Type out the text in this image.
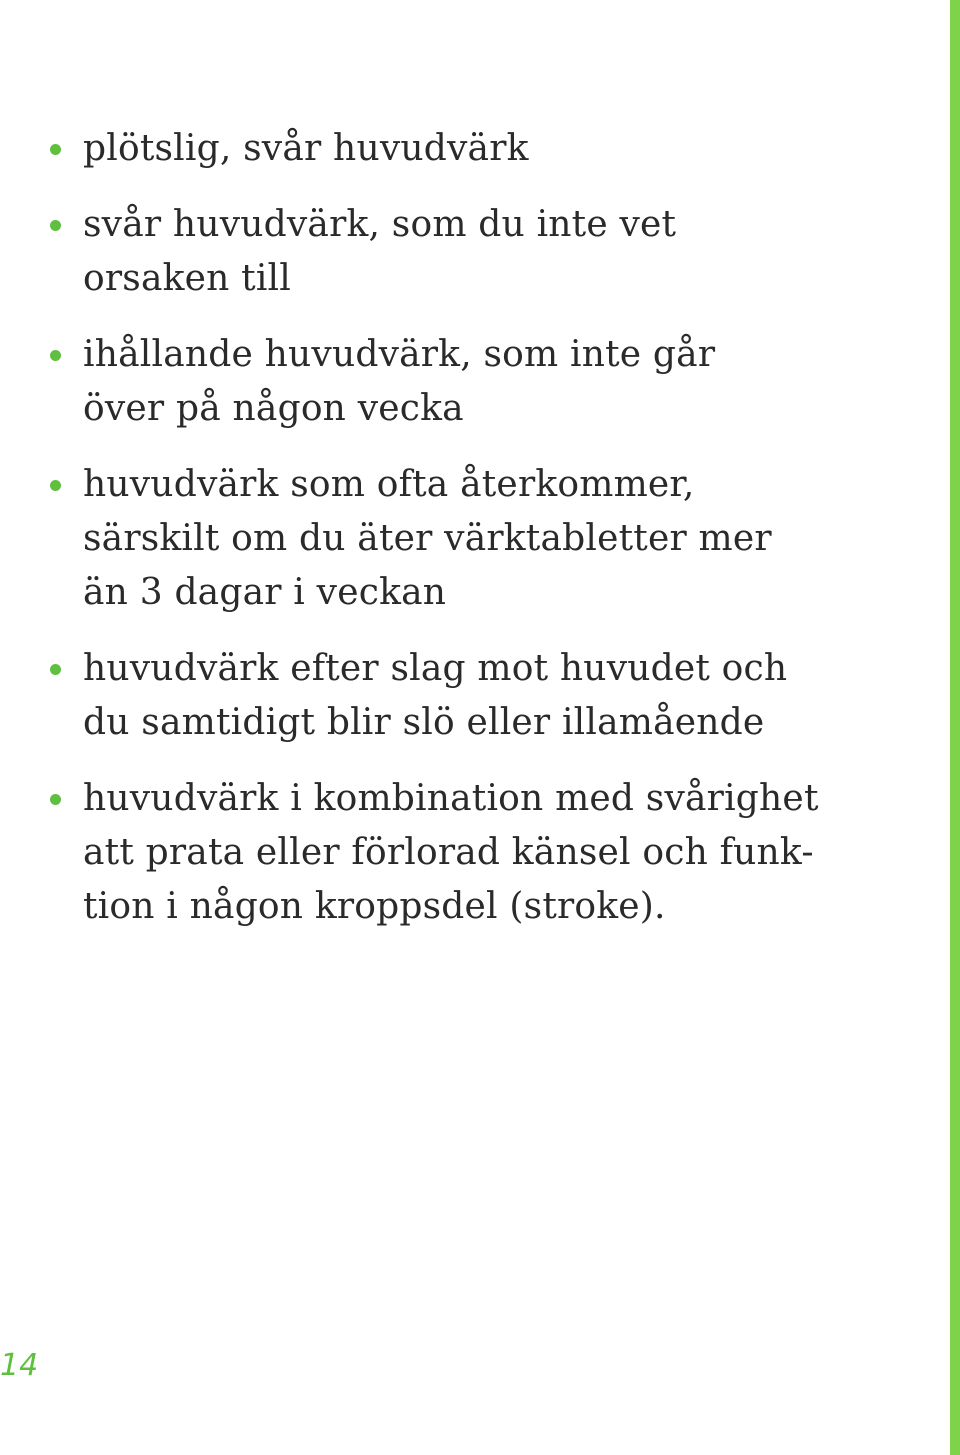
plötslig, svår huvudvärk
svår huvudvärk, som du inte vet
orsaken till
ihållande huvudvärk, som inte går
över på någon vecka
huvudvärk som ofta återkommer,
särskilt om du äter värktabletter mer
än 3 dagar i veckan
huvudvärk efter slag mot huvudet och
du samtidigt blir slö eller illamående
huvudvärk i kombination med svårighet
att prata eller förlorad känsel och funk-
tion i någon kroppsdel (stroke).
14
